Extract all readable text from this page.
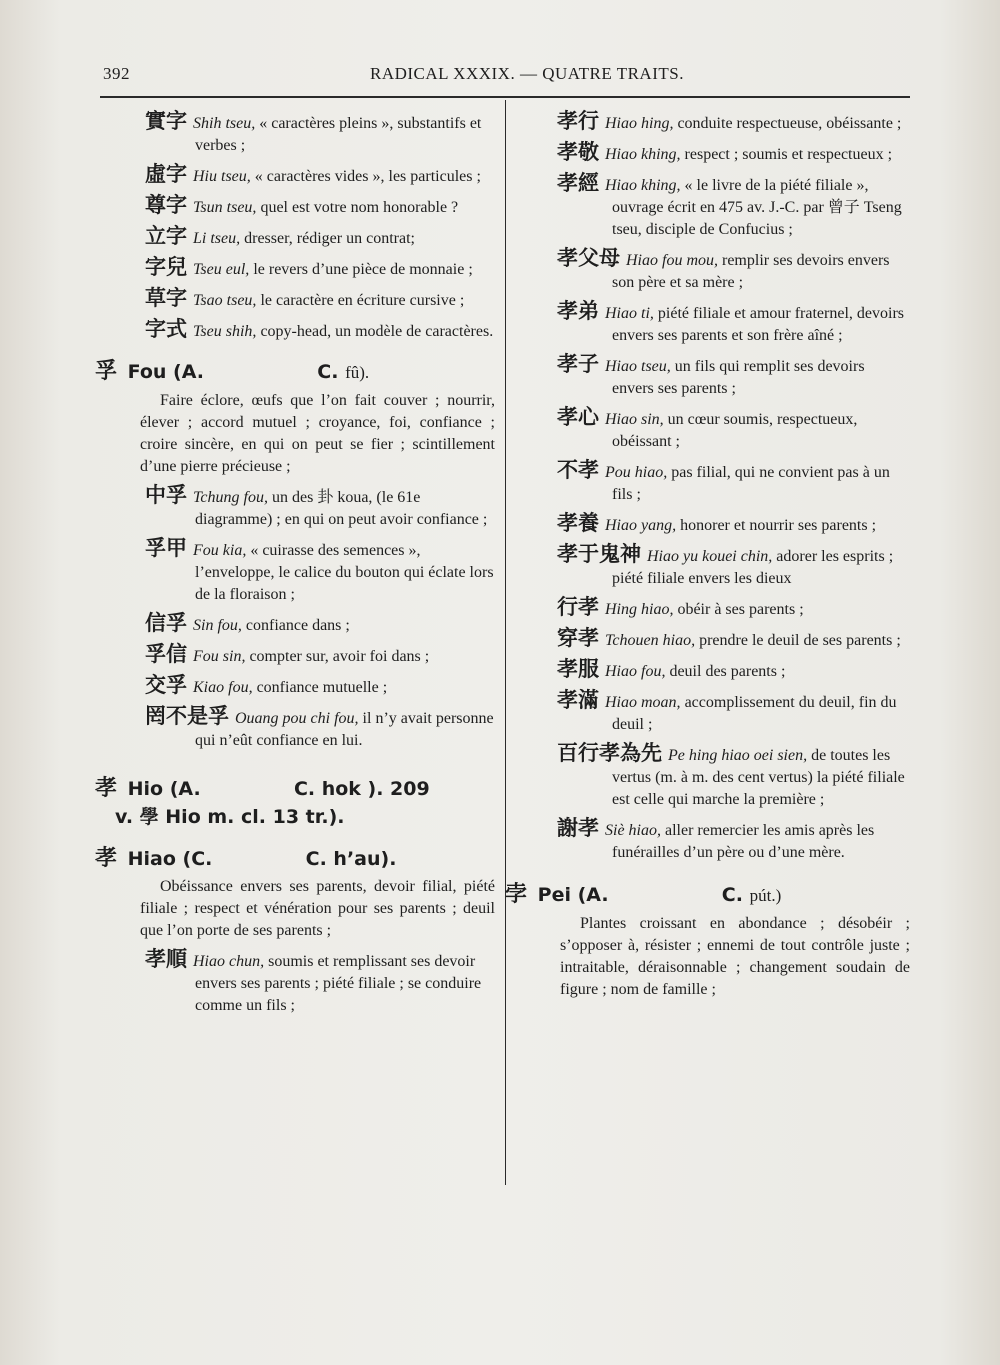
392	RADICAL XXXIX. — QUATRE TRAITS.
實字 Shih tseu, « caractères pleins », substantifs et verbes ;
虛字 Hiu tseu, « caractères vides », les particules ;
尊字 Tsun tseu, quel est votre nom honorable ?
立字 Li tseu, dresser, rédiger un contrat;
字兒 Tseu eul, le revers d’une pièce de monnaie ;
草字 Tsao tseu, le caractère en écriture cursive ;
字式 Tseu shih, copy-head, un modèle de caractères.
孚 Fou (A.	C. fû).
Faire éclore, œufs que l’on fait couver ; nourrir, élever ; accord mutuel ; croyance, foi, confiance ; croire sincère, en qui on peut se fier ; scintillement d’une pierre précieuse ;
中孚 Tchung fou, un des 卦 koua, (le 61e diagramme) ; en qui on peut avoir confiance ;
孚甲 Fou kia, « cuirasse des semences », l’enveloppe, le calice du bouton qui éclate lors de la floraison ;
信孚 Sin fou, confiance dans ;
孚信 Fou sin, compter sur, avoir foi dans ;
交孚 Kiao fou, confiance mutuelle ;
罔不是孚 Ouang pou chi fou, il n’y avait personne qui n’eût confiance en lui.
孝 Hio (A.	C. hok ). 209
v. 學 Hio m. cl. 13 tr.).
孝 Hiao (C.	C. h’au).
Obéissance envers ses parents, devoir filial, piété filiale ; respect et vénération pour ses parents ; deuil que l’on porte de ses parents ;
孝順 Hiao chun, soumis et remplissant ses devoir envers ses parents ; piété filiale ; se conduire comme un fils ;
孝行 Hiao hing, conduite respectueuse, obéissante ;
孝敬 Hiao khing, respect ; soumis et respectueux ;
孝經 Hiao khing, « le livre de la piété filiale », ouvrage écrit en 475 av. J.-C. par 曾子 Tseng tseu, disciple de Confucius ;
孝父母 Hiao fou mou, remplir ses devoirs envers son père et sa mère ;
孝弟 Hiao ti, piété filiale et amour fraternel, devoirs envers ses parents et son frère aîné ;
孝子 Hiao tseu, un fils qui remplit ses devoirs envers ses parents ;
孝心 Hiao sin, un cœur soumis, respectueux, obéissant ;
不孝 Pou hiao, pas filial, qui ne convient pas à un fils ;
孝養 Hiao yang, honorer et nourrir ses parents ;
孝于鬼神 Hiao yu kouei chin, adorer les esprits ; piété filiale envers les dieux
行孝 Hing hiao, obéir à ses parents ;
穿孝 Tchouen hiao, prendre le deuil de ses parents ;
孝服 Hiao fou, deuil des parents ;
孝滿 Hiao moan, accomplissement du deuil, fin du deuil ;
百行孝為先 Pe hing hiao oei sien, de toutes les vertus (m. à m. des cent vertus) la piété filiale est celle qui marche la première ;
謝孝 Siè hiao, aller remercier les amis après les funérailles d’un père ou d’une mère.
孛 Pei (A.	C. pút.)
Plantes croissant en abondance ; désobéir ; s’opposer à, résister ; ennemi de tout contrôle juste ; intraitable, déraisonnable ; changement soudain de figure ; nom de famille ;
